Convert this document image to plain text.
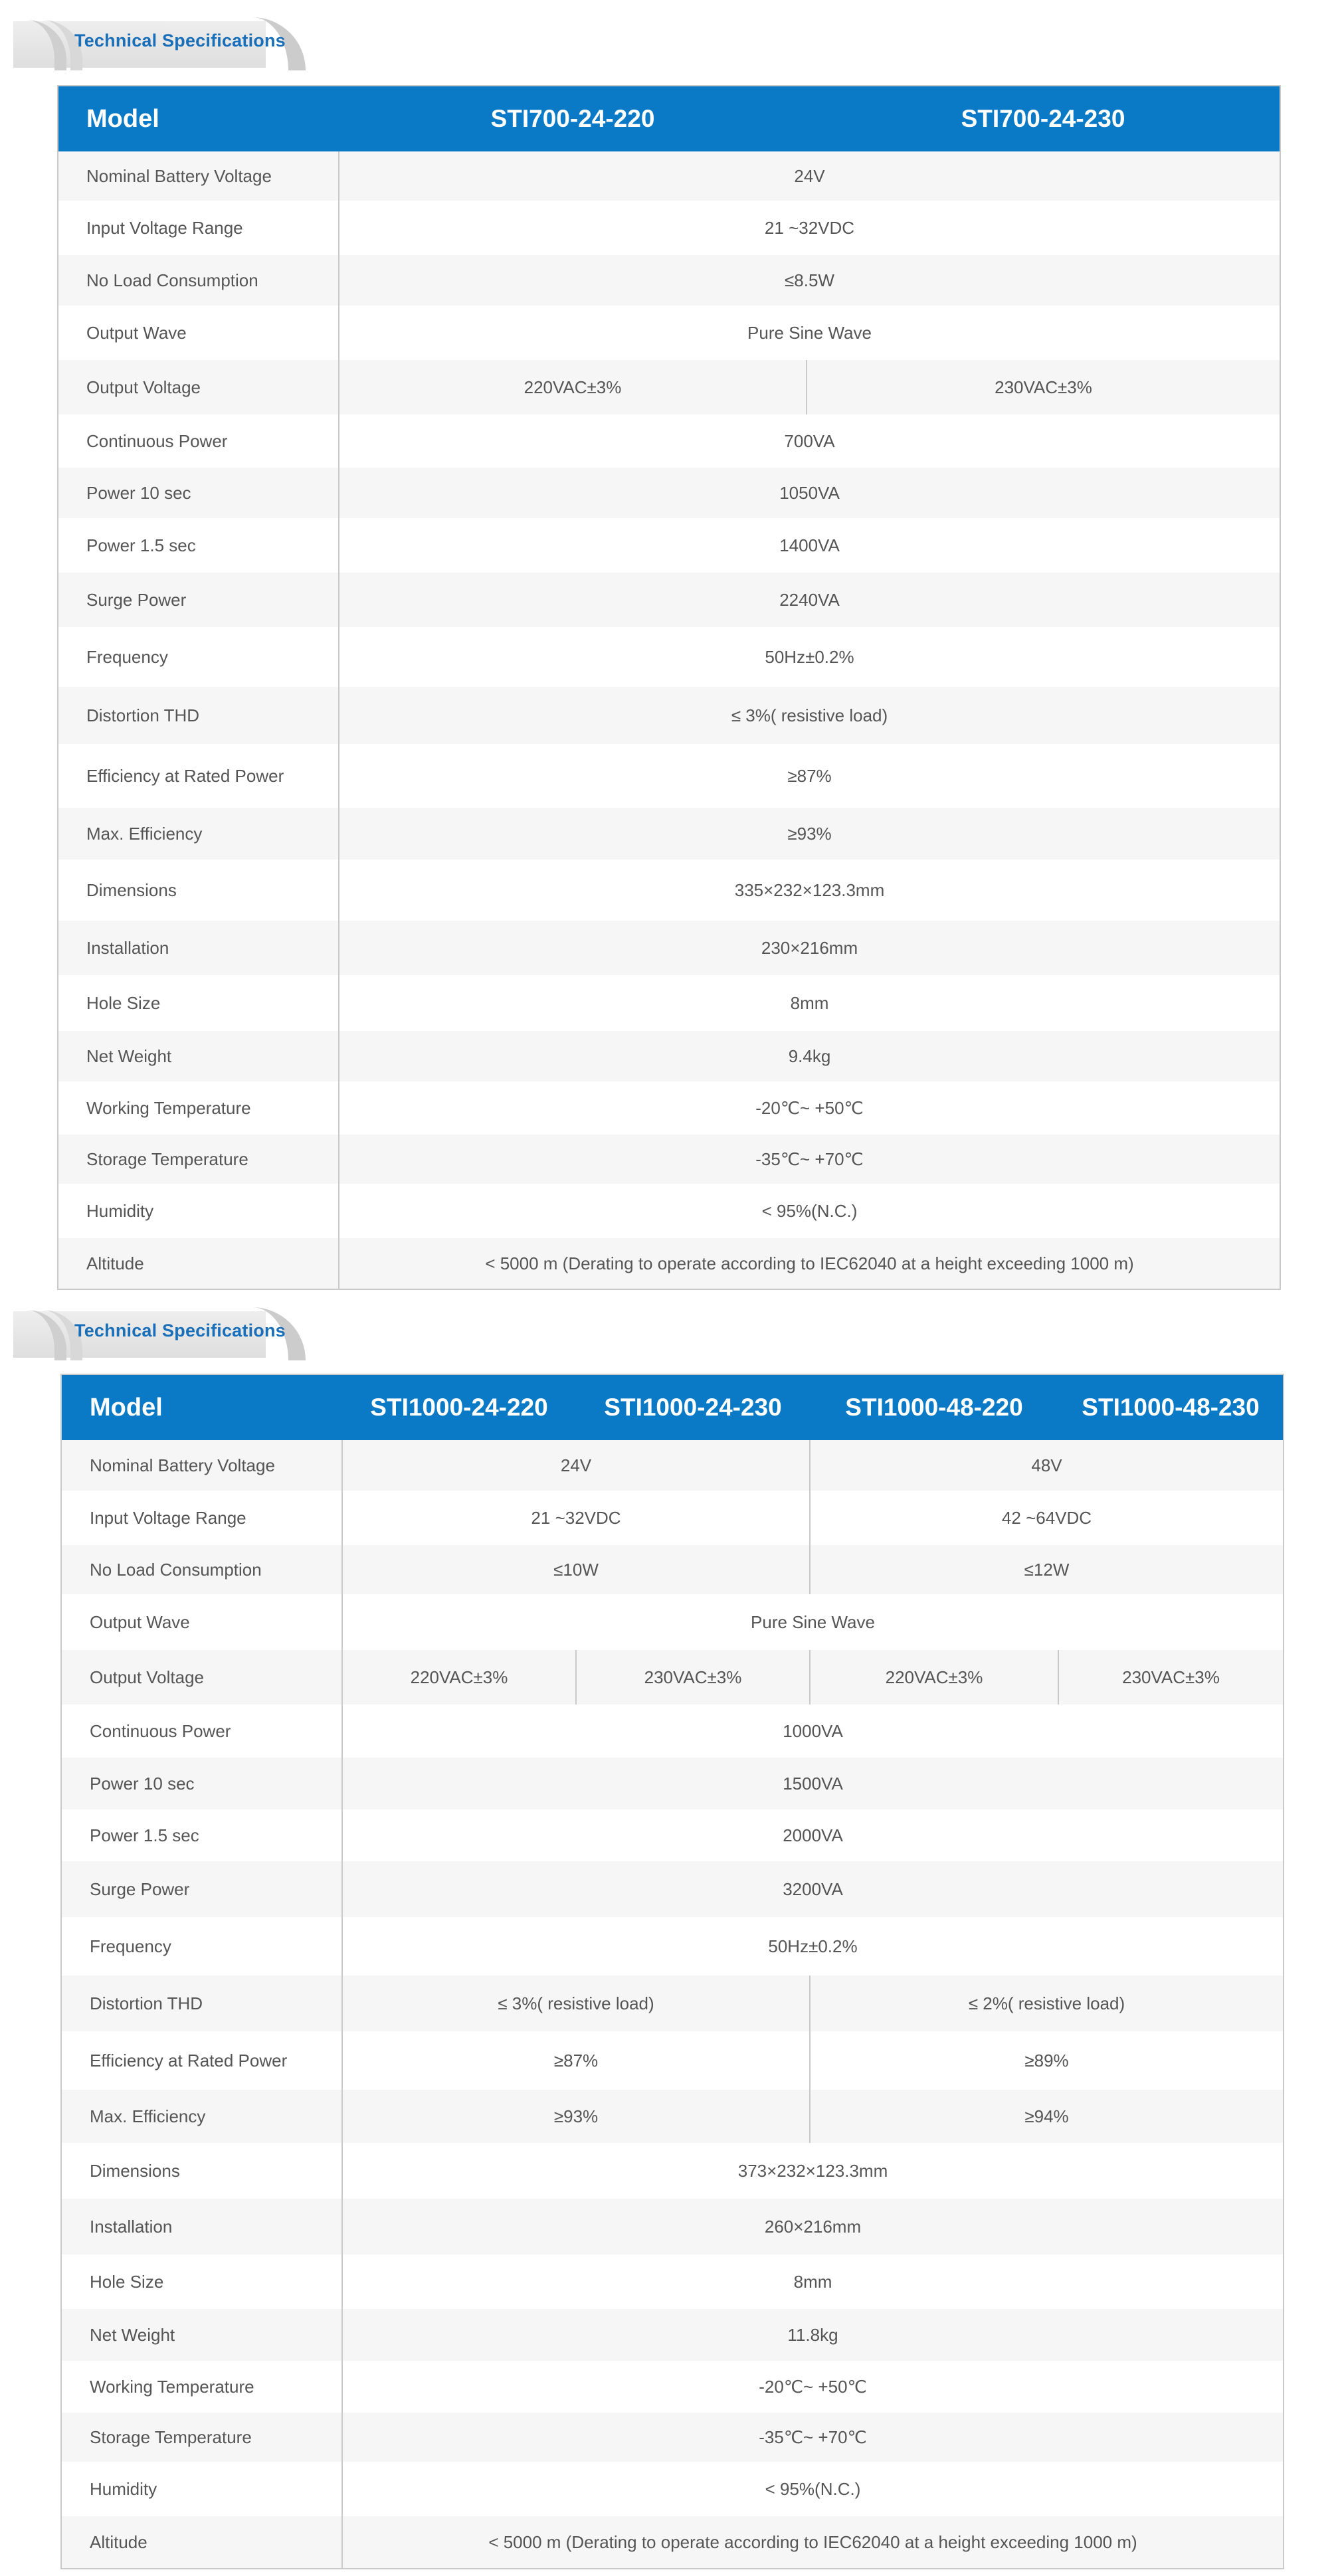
Technical Specifications
Model	STI700-24-220	STI700-24-230
Nominal Battery Voltage	24V	
Input Voltage Range	21 ~32VDC	
No Load Consumption	≤8.5W	
Output Wave	Pure Sine Wave	
Output Voltage	220VAC±3%	230VAC±3%
Continuous Power	700VA	
Power 10 sec	1050VA	
Power 1.5 sec	1400VA	
Surge Power	2240VA	
Frequency	50Hz±0.2%	
Distortion THD	≤ 3%( resistive load)	
Efficiency at Rated Power	≥87%	
Max. Efficiency	≥93%	
Dimensions	335×232×123.3mm	
Installation	230×216mm	
Hole Size	8mm	
Net Weight	9.4kg	
Working Temperature	-20℃~ +50℃	
Storage Temperature	-35℃~ +70℃	
Humidity	< 95%(N.C.)	
Altitude	< 5000 m (Derating to operate according to IEC62040 at a height exceeding 1000 m)	
Technical Specifications
Model	STI1000-24-220	STI1000-24-230	STI1000-48-220	STI1000-48-230
Nominal Battery Voltage	24V		48V	
Input Voltage Range	21 ~32VDC		42 ~64VDC	
No Load Consumption	≤10W		≤12W	
Output Wave	Pure Sine Wave			
Output Voltage	220VAC±3%	230VAC±3%	220VAC±3%	230VAC±3%
Continuous Power	1000VA			
Power 10 sec	1500VA			
Power 1.5 sec	2000VA			
Surge Power	3200VA			
Frequency	50Hz±0.2%			
Distortion THD	≤ 3%( resistive load)		≤ 2%( resistive load)	
Efficiency at Rated Power	≥87%		≥89%	
Max. Efficiency	≥93%		≥94%	
Dimensions	373×232×123.3mm			
Installation	260×216mm			
Hole Size	8mm			
Net Weight	11.8kg			
Working Temperature	-20℃~ +50℃			
Storage Temperature	-35℃~ +70℃			
Humidity	< 95%(N.C.)			
Altitude	< 5000 m (Derating to operate according to IEC62040 at a height exceeding 1000 m)			
